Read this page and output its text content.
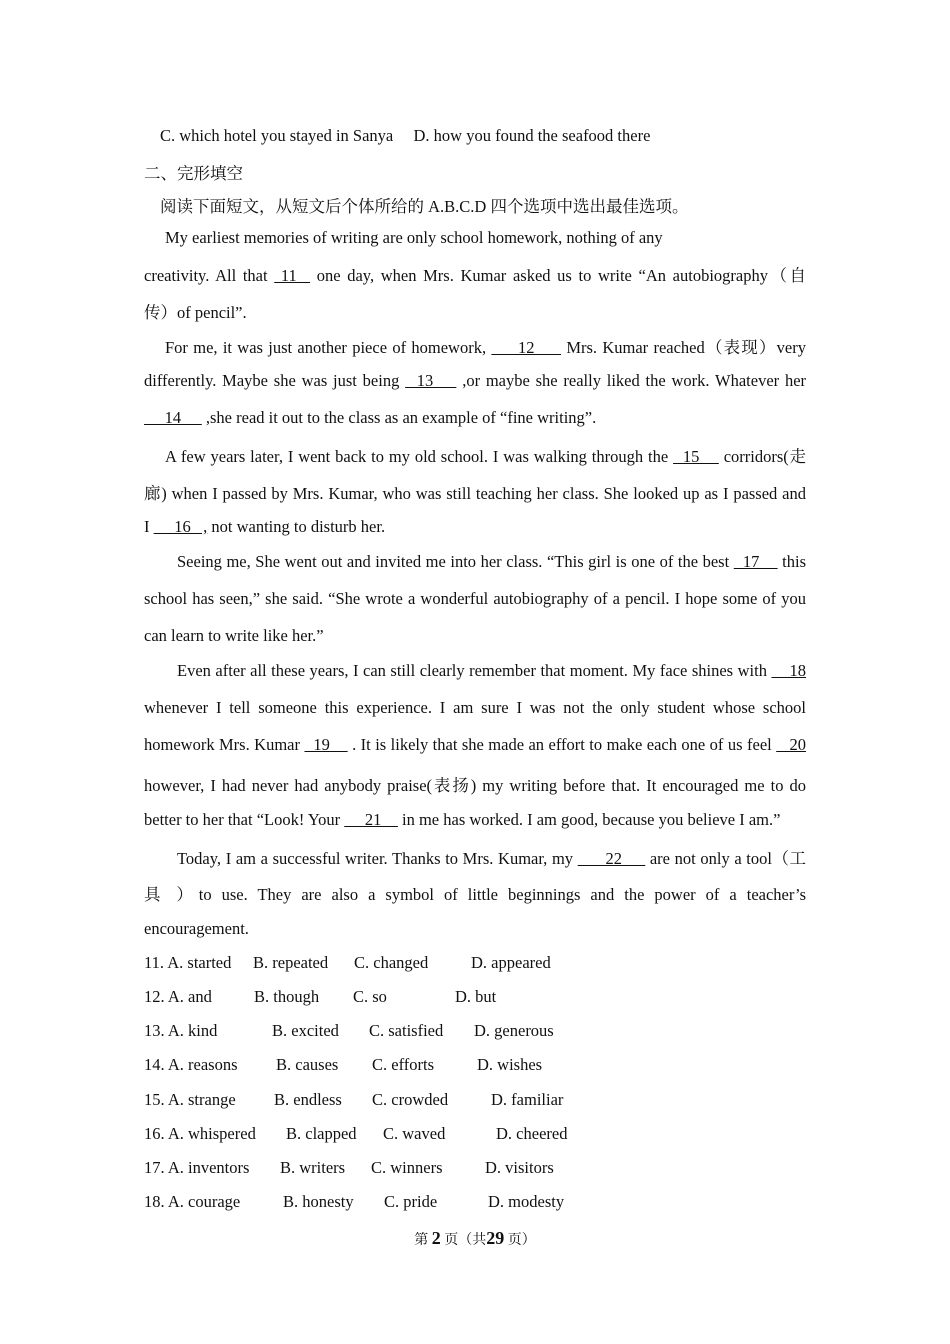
C. which hotel you stayed in Sanya D. how you found the seafood there
二、完形填空
阅读下面短文，从短文后个体所给的 A.B.C.D 四个选项中选出最佳选项。
My earliest memories of writing are only school homework, nothing of any
creativity. All that  11   one day, when Mrs. Kumar asked us to write “An autobiography（自
传）of pencil”.
For me, it was just another piece of homework,      12      Mrs. Kumar reached（表现）very
differently. Maybe she was just being   13     ,or maybe she really liked the work. Whatever her
14      ,she read it out to the class as an example of “fine writing”.
A few years later, I went back to my old school. I was walking through the   15     corridors(走
廊) when I passed by Mrs. Kumar, who was still teaching her class. She looked up as I passed and
I      16   , not wanting to disturb her.
Seeing me, She went out and invited me into her class. “This girl is one of the best   17     this
school has seen,” she said. “She wrote a wonderful autobiography of a pencil. I hope some of you
can learn to write like her.”
Even after all these years, I can still clearly remember that moment. My face shines with     18
whenever I tell someone this experience. I am sure I was not the only student whose school
homework Mrs. Kumar   19     . It is likely that she made an effort to make each one of us feel    20
however, I had never had anybody praise(表扬) my writing before that. It encouraged me to do
better to her that “Look! Your      21     in me has worked. I am good, because you believe I am.”
Today, I am a successful writer. Thanks to Mrs. Kumar, my       22      are not only a tool（工
具 ）to use. They are also a symbol of little beginnings and the power of a teacher’s
encouragement.
11. A. started B. repeated C. changed	D. appeared
12. A. and	B. though C. so	D. but
13. A. kind	B. excited C. satisfied D. generous
14. A. reasons B. causes C. efforts	D. wishes
15. A. strange B. endless C. crowded	D. familiar
16. A. whispered B. clapped C. waved	D. cheered
17. A. inventors B. writers C. winners	D. visitors
18. A. courage	B. honesty C. pride	D. modesty
第 2 页（共29 页）
